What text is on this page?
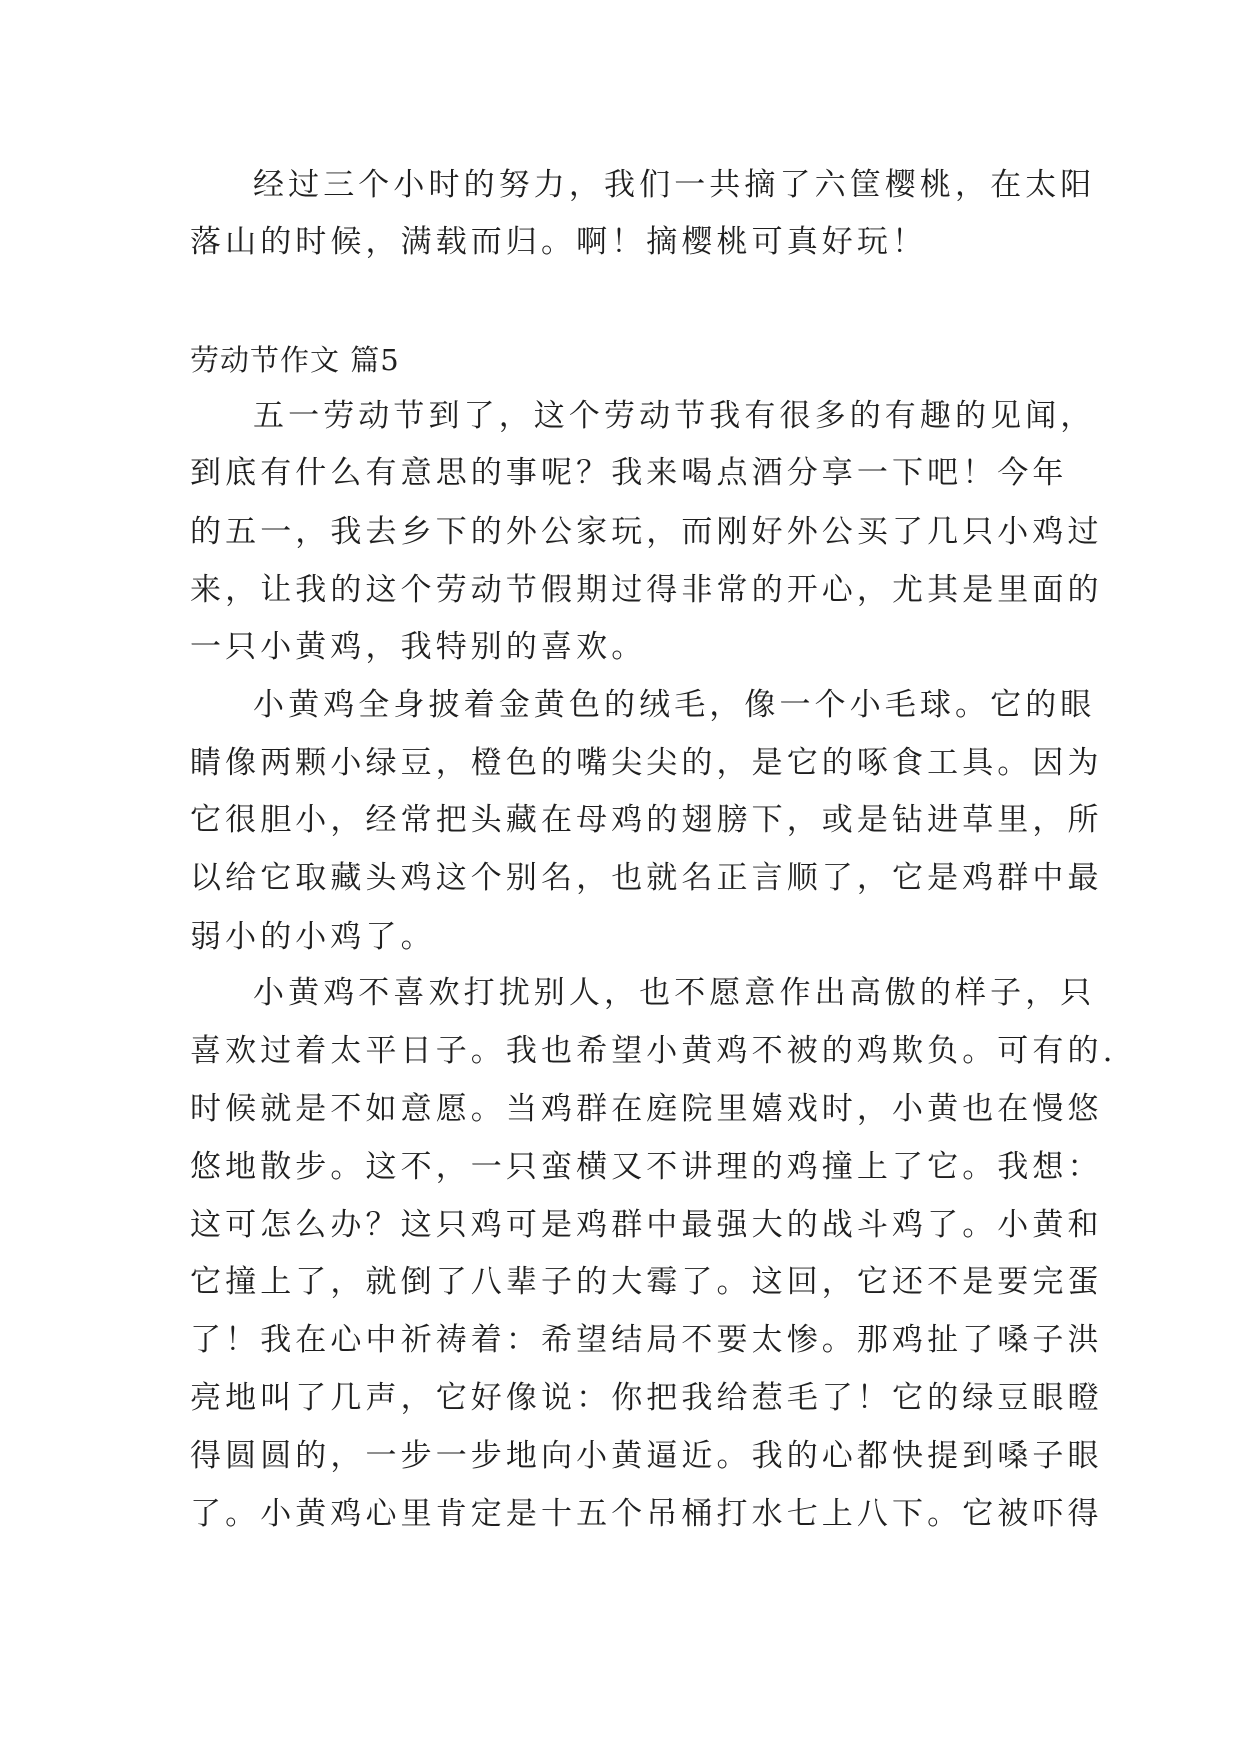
经过三个小时的努力，我们一共摘了六筐樱桃，在太阳
落山的时候，满载而归。啊！摘樱桃可真好玩！
劳动节作文 篇5
五一劳动节到了，这个劳动节我有很多的有趣的见闻，
到底有什么有意思的事呢？我来喝点酒分享一下吧！今年
的五一，我去乡下的外公家玩，而刚好外公买了几只小鸡过
来，让我的这个劳动节假期过得非常的开心，尤其是里面的
一只小黄鸡，我特别的喜欢。
小黄鸡全身披着金黄色的绒毛，像一个小毛球。它的眼
睛像两颗小绿豆，橙色的嘴尖尖的，是它的啄食工具。因为
它很胆小，经常把头藏在母鸡的翅膀下，或是钻进草里，所
以给它取藏头鸡这个别名，也就名正言顺了，它是鸡群中最
弱小的小鸡了。
小黄鸡不喜欢打扰别人，也不愿意作出高傲的样子，只
喜欢过着太平日子。我也希望小黄鸡不被的鸡欺负。可有的.
时候就是不如意愿。当鸡群在庭院里嬉戏时，小黄也在慢悠
悠地散步。这不，一只蛮横又不讲理的鸡撞上了它。我想：
这可怎么办？这只鸡可是鸡群中最强大的战斗鸡了。小黄和
它撞上了，就倒了八辈子的大霉了。这回，它还不是要完蛋
了！我在心中祈祷着：希望结局不要太惨。那鸡扯了嗓子洪
亮地叫了几声，它好像说：你把我给惹毛了！它的绿豆眼瞪
得圆圆的，一步一步地向小黄逼近。我的心都快提到嗓子眼
了。小黄鸡心里肯定是十五个吊桶打水七上八下。它被吓得
